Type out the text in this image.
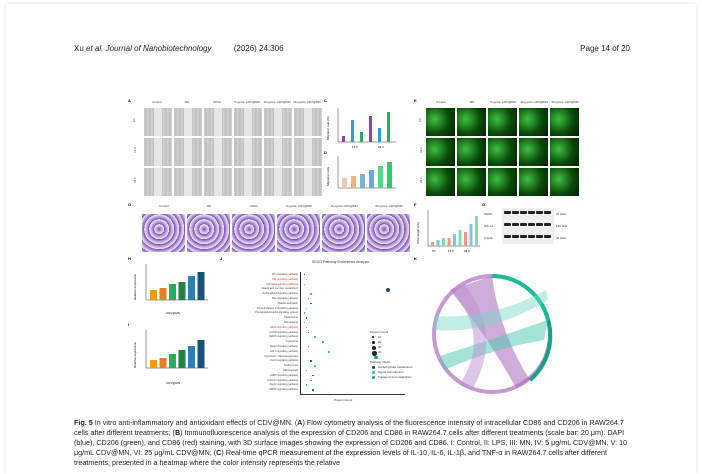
Xu et al. Journal of Nanobiotechnology	(2026) 24:306	Page 14 of 20
A	Control	MN	CDVs	5 μg/mL CDV@MN	10 μg/mL CDV@MN 25 μg/mL CDV@MN
0 h
12 h
24 h
C
Migration rate (%)
12 h	24 h
D
Migration cells
E	Control	MN	5 μg/mL CDV@MN	10 μg/mL CDV@MN	25 μg/mL CDV@MN
6 h
12 h
24 h
G	Control	MN	CDVs	5 μg/mL CDV@MN	10 μg/mL CDV@MN	25 μg/mL CDV@MN	F
Total length (cm)
6 h	12 h	24 h
G
VEGF	27 kDa
HIF-1α	120 kDa
β-actin	42 kDa
H
Relative expression
CDV@MN
I
Relative expression
CDV@MN
J
KEGG Pathway Enrichment Analysis
Protein Count
Wnt signaling pathway
TNF signaling pathway
TGF-beta signaling pathway
Starch and sucrose metabolism
Sphingolipid signaling pathway
Ras signaling pathway
Platelet activation
Phospholipase D signaling pathway
Phosphatidylinositol signaling system
Phagosome
Peroxisome
Notch signaling pathway
mTOR signaling pathway
MAPK signaling pathway
Lysosome
Hippo signaling pathway
HIF-1 signaling pathway
Glycolysis / Gluconeogenesis
FoxO signaling pathway
Endocytosis
Efferocytosis
cAMP signaling pathway
Calcium signaling pathway
Apelin signaling pathway
AMPK signaling pathway
Protein Count
10
20
30
40
Pathway Class
Carbohydrate metabolism
Signal transduction
Transport and catabolism
K
Fig. 5 In vitro anti-inflammatory and antioxidant effects of CDV@MN. (A) Flow cytometry analysis of the fluorescence intensity of intracellular CD86 and CD206 in RAW264.7 cells after different treatments; (B) Immunofluorescence analysis of the expression of CD206 and CD86 in RAW264.7 cells after different treatments (scale bar: 20 μm). DAPI (blue), CD206 (green), and CD86 (red) staining, with 3D surface images showing the expression of CD206 and CD86. I: Control, II: LPS, III: MN, IV: 5 μg/mL CDV@MN, V: 10 μg/mL CDV@MN, VI: 25 μg/mL CDV@MN; (C) Real-time qPCR measurement of the expression levels of IL-10, IL-6, IL-1β, and TNF-α in RAW264.7 cells after different treatments, presented in a heatmap where the color intensity represents the relative
